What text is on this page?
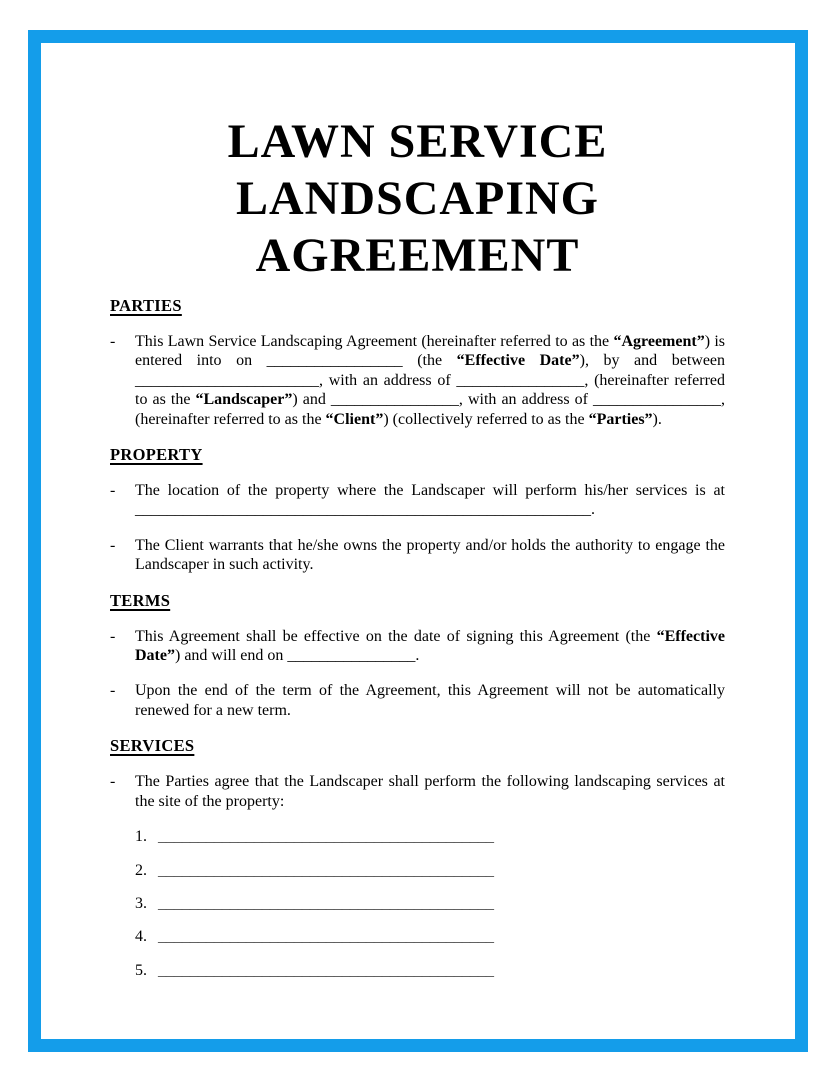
LAWN SERVICE
LANDSCAPING
AGREEMENT
PARTIES
-	This Lawn Service Landscaping Agreement (hereinafter referred to as the “Agreement”) is entered into on _________________ (the “Effective Date”), by and between _______________________, with an address of ________________, (hereinafter referred to as the “Landscaper”) and ________________, with an address of ________________, (hereinafter referred to as the “Client”) (collectively referred to as the “Parties”).

PROPERTY
-	The location of the property where the Landscaper will perform his/her services is at _________________________________________________________.

-	The Client warrants that he/she owns the property and/or holds the authority to engage the Landscaper in such activity.

TERMS
-	This Agreement shall be effective on the date of signing this Agreement (the “Effective Date”) and will end on ________________.

-	Upon the end of the term of the Agreement, this Agreement will not be automatically renewed for a new term.

SERVICES
-	The Parties agree that the Landscaper shall perform the following landscaping services at the site of the property:

1. __________________________________________
2. __________________________________________
3. __________________________________________
4. __________________________________________
5. __________________________________________
